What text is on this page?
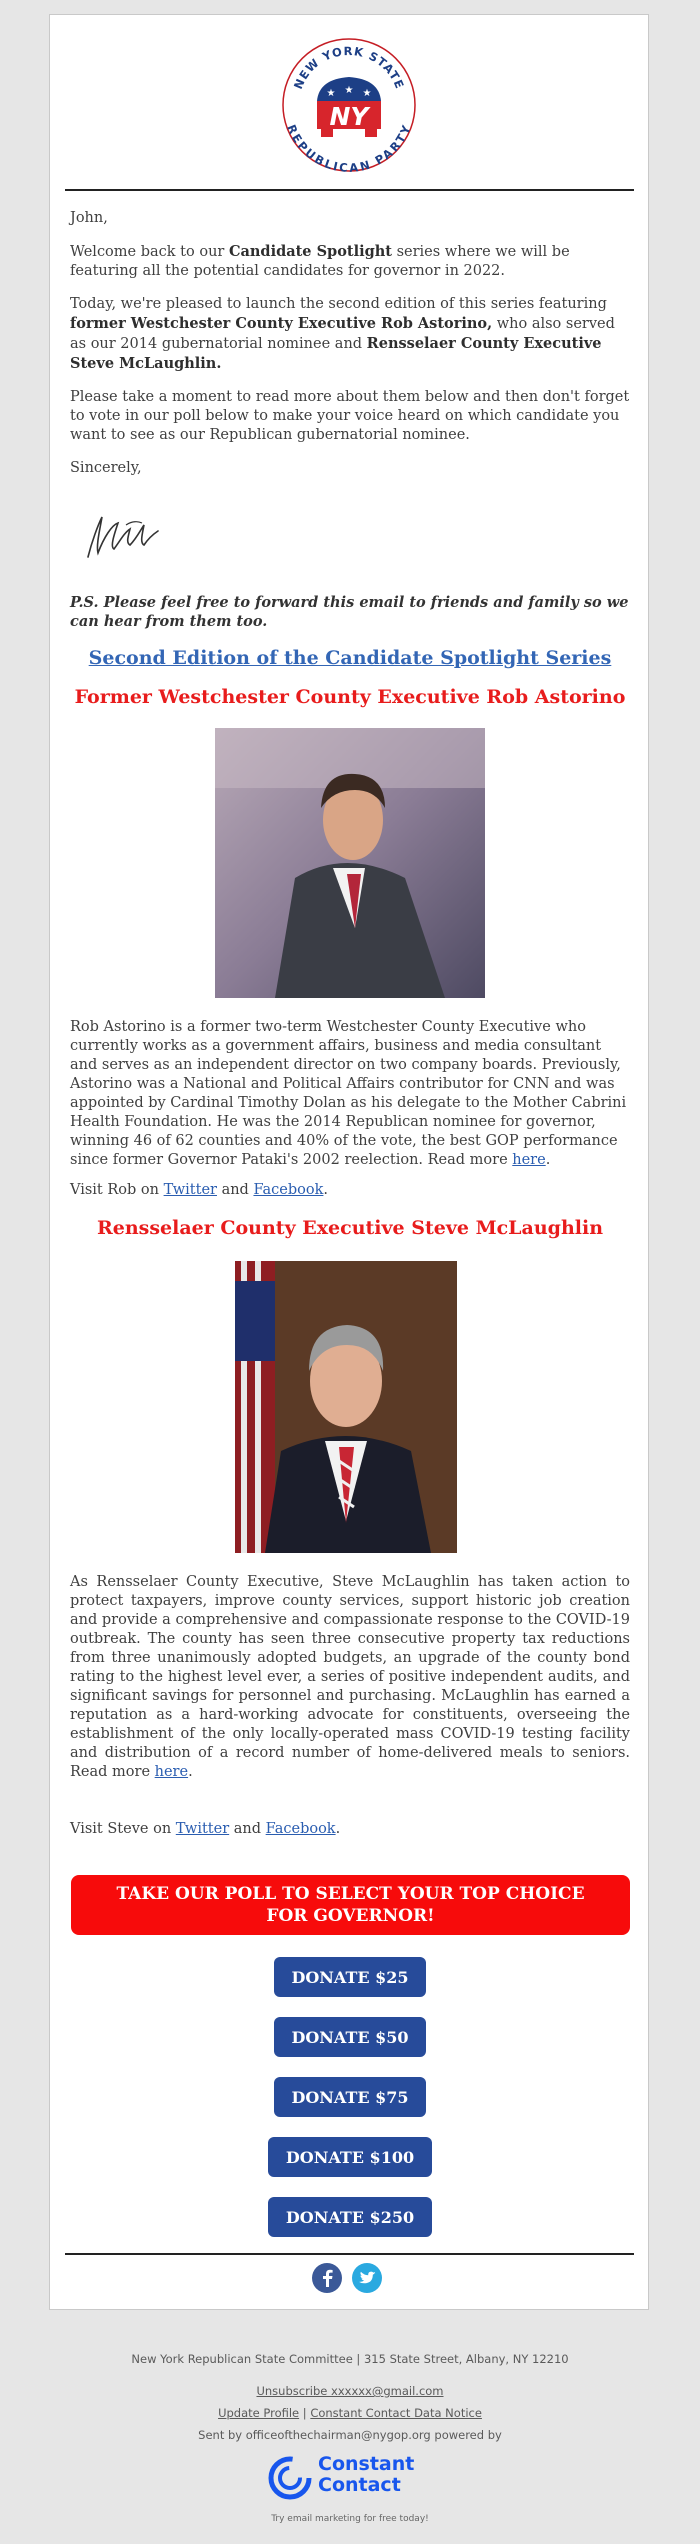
NEW YORK STATE
REPUBLICAN PARTY
★ ★ ★
NY

John,

Welcome back to our Candidate Spotlight series where we will be featuring all the potential candidates for governor in 2022.

Today, we're pleased to launch the second edition of this series featuring former Westchester County Executive Rob Astorino, who also served as our 2014 gubernatorial nominee and Rensselaer County Executive Steve McLaughlin.

Please take a moment to read more about them below and then don't forget to vote in our poll below to make your voice heard on which candidate you want to see as our Republican gubernatorial nominee.

Sincerely,

P.S. Please feel free to forward this email to friends and family so we can hear from them too.
Second Edition of the Candidate Spotlight Series
Former Westchester County Executive Rob Astorino
Rob Astorino is a former two-term Westchester County Executive who currently works as a government affairs, business and media consultant and serves as an independent director on two company boards. Previously, Astorino was a National and Political Affairs contributor for CNN and was appointed by Cardinal Timothy Dolan as his delegate to the Mother Cabrini Health Foundation. He was the 2014 Republican nominee for governor, winning 46 of 62 counties and 40% of the vote, the best GOP performance since former Governor Pataki's 2002 reelection. Read more here.
Visit Rob on Twitter and Facebook.
Rensselaer County Executive Steve McLaughlin
As Rensselaer County Executive, Steve McLaughlin has taken action to protect taxpayers, improve county services, support historic job creation and provide a comprehensive and compassionate response to the COVID-19 outbreak. The county has seen three consecutive property tax reductions from three unanimously adopted budgets, an upgrade of the county bond rating to the highest level ever, a series of positive independent audits, and significant savings for personnel and purchasing. McLaughlin has earned a reputation as a hard-working advocate for constituents, overseeing the establishment of the only locally-operated mass COVID-19 testing facility and distribution of a record number of home-delivered meals to seniors. Read more here.
Visit Steve on Twitter and Facebook.
TAKE OUR POLL TO SELECT YOUR TOP CHOICE FOR GOVERNOR!
DONATE $25
DONATE $50
DONATE $75
DONATE $100
DONATE $250
New York Republican State Committee | 315 State Street, Albany, NY 12210
Unsubscribe xxxxxx@gmail.com
Update Profile | Constant Contact Data Notice
Sent by officeofthechairman@nygop.org powered by
Constant
Contact
Try email marketing for free today!
